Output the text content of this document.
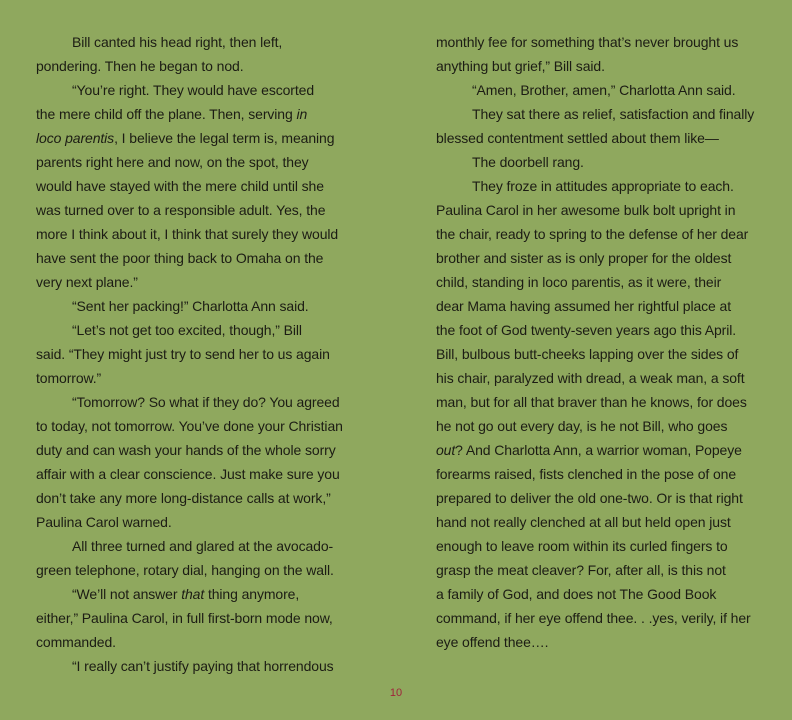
Bill canted his head right, then left,
pondering. Then he began to nod.
“You’re right. They would have escorted
the mere child off the plane. Then, serving in
loco parentis, I believe the legal term is, meaning
parents right here and now, on the spot, they
would have stayed with the mere child until she
was turned over to a responsible adult. Yes, the
more I think about it, I think that surely they would
have sent the poor thing back to Omaha on the
very next plane.”
“Sent her packing!” Charlotta Ann said.
“Let’s not get too excited, though,” Bill
said. “They might just try to send her to us again
tomorrow.”
“Tomorrow? So what if they do? You agreed
to today, not tomorrow. You’ve done your Christian
duty and can wash your hands of the whole sorry
affair with a clear conscience. Just make sure you
don’t take any more long-distance calls at work,”
Paulina Carol warned.
All three turned and glared at the avocado-
green telephone, rotary dial, hanging on the wall.
“We’ll not answer that thing anymore,
either,” Paulina Carol, in full first-born mode now,
commanded.
“I really can’t justify paying that horrendous
monthly fee for something that’s never brought us
anything but grief,” Bill said.
“Amen, Brother, amen,” Charlotta Ann said.
They sat there as relief, satisfaction and finally
blessed contentment settled about them like—
The doorbell rang.
They froze in attitudes appropriate to each.
Paulina Carol in her awesome bulk bolt upright in
the chair, ready to spring to the defense of her dear
brother and sister as is only proper for the oldest
child, standing in loco parentis, as it were, their
dear Mama having assumed her rightful place at
the foot of God twenty-seven years ago this April.
Bill, bulbous butt-cheeks lapping over the sides of
his chair, paralyzed with dread, a weak man, a soft
man, but for all that braver than he knows, for does
he not go out every day, is he not Bill, who goes
out? And Charlotta Ann, a warrior woman, Popeye
forearms raised, fists clenched in the pose of one
prepared to deliver the old one-two. Or is that right
hand not really clenched at all but held open just
enough to leave room within its curled fingers to
grasp the meat cleaver? For, after all, is this not
a family of God, and does not The Good Book
command, if her eye offend thee. . .yes, verily, if her
eye offend thee….
10
